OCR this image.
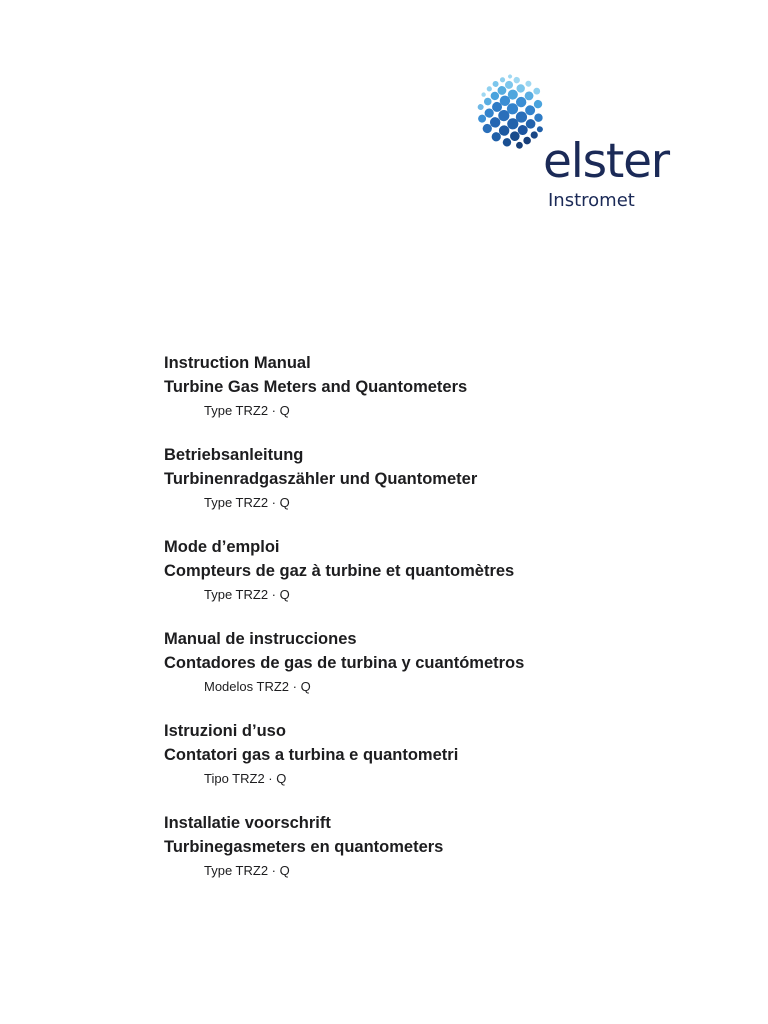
elster
Instromet
Instruction Manual
Turbine Gas Meters and Quantometers
Type TRZ2 · Q
Betriebsanleitung
Turbinenradgaszähler und Quantometer
Type TRZ2 · Q
Mode d’emploi
Compteurs de gaz à turbine et quantomètres
Type TRZ2 · Q
Manual de instrucciones
Contadores de gas de turbina y cuantómetros
Modelos TRZ2 · Q
Istruzioni d’uso
Contatori gas a turbina e quantometri
Tipo TRZ2 · Q
Installatie voorschrift
Turbinegasmeters en quantometers
Type TRZ2 · Q
